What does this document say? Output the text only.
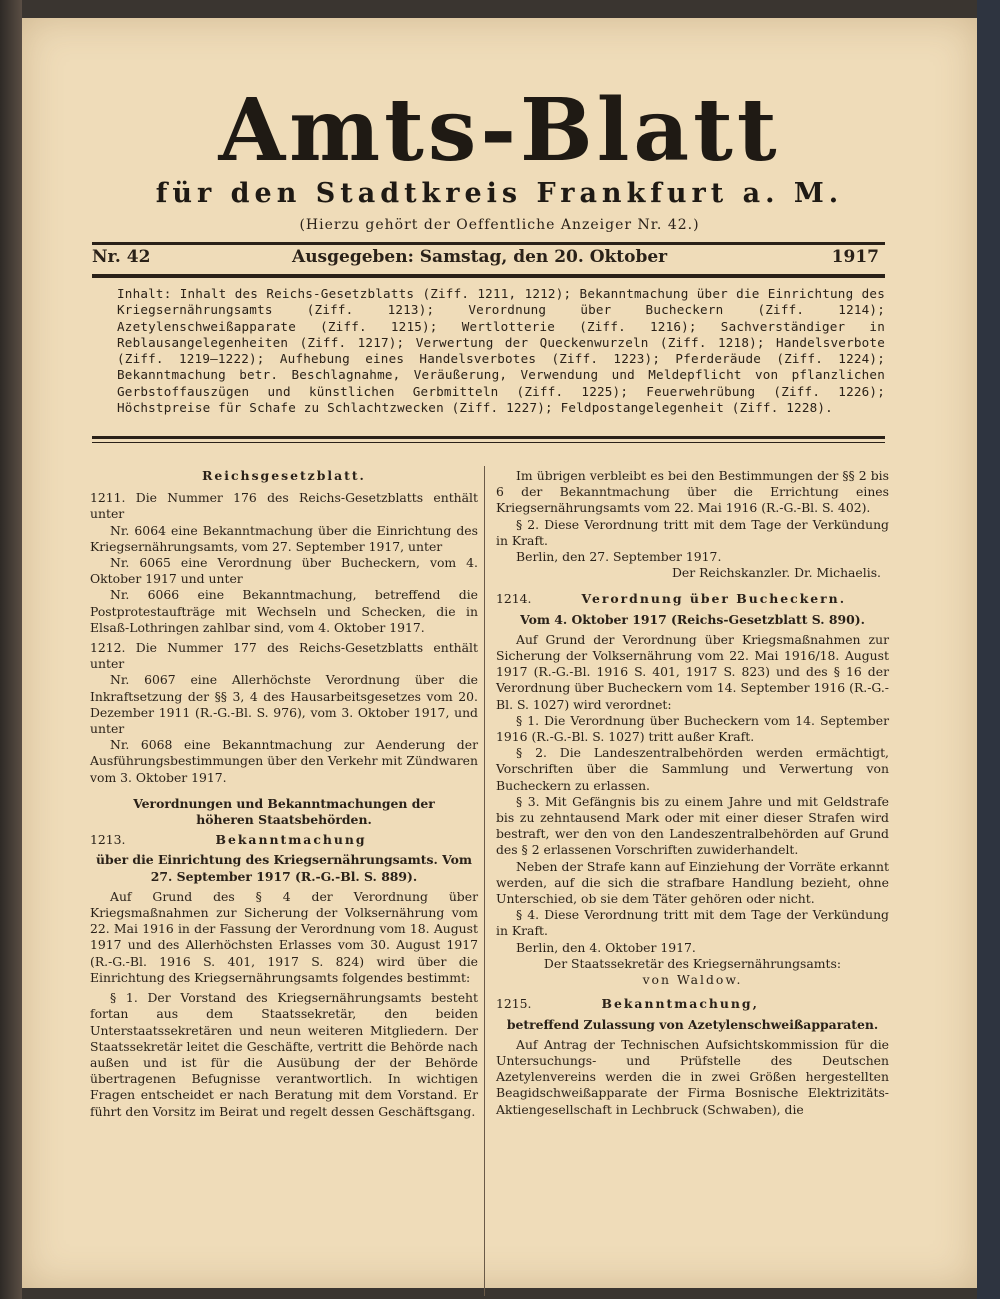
Amts-Blatt
für den Stadtkreis Frankfurt a. M.
(Hierzu gehört der Oeffentliche Anzeiger Nr. 42.)
Nr. 42	Ausgegeben: Samstag, den 20. Oktober	1917
Inhalt: Inhalt des Reichs-Gesetzblatts (Ziff. 1211, 1212); Bekanntmachung über die Einrichtung des Kriegsernährungsamts (Ziff. 1213); Verordnung über Bucheckern (Ziff. 1214); Azetylenschweißapparate (Ziff. 1215); Wertlotterie (Ziff. 1216); Sachverständiger in Reblausangelegenheiten (Ziff. 1217); Verwertung der Queckenwurzeln (Ziff. 1218); Handelsverbote (Ziff. 1219—1222); Aufhebung eines Handelsverbotes (Ziff. 1223); Pferderäude (Ziff. 1224); Bekanntmachung betr. Beschlagnahme, Veräußerung, Verwendung und Meldepflicht von pflanzlichen Gerbstoffauszügen und künstlichen Gerbmitteln (Ziff. 1225); Feuerwehrübung (Ziff. 1226); Höchstpreise für Schafe zu Schlachtzwecken (Ziff. 1227); Feldpostangelegenheit (Ziff. 1228).

Reichsgesetzblatt.

1211. Die Nummer 176 des Reichs-Gesetzblatts enthält unter

Nr. 6064 eine Bekanntmachung über die Einrichtung des Kriegsernährungsamts, vom 27. September 1917, unter

Nr. 6065 eine Verordnung über Bucheckern, vom 4. Oktober 1917 und unter

Nr. 6066 eine Bekanntmachung, betreffend die Postprotestaufträge mit Wechseln und Schecken, die in Elsaß-Lothringen zahlbar sind, vom 4. Oktober 1917.

1212. Die Nummer 177 des Reichs-Gesetzblatts enthält unter

Nr. 6067 eine Allerhöchste Verordnung über die Inkraftsetzung der §§ 3, 4 des Hausarbeitsgesetzes vom 20. Dezember 1911 (R.-G.-Bl. S. 976), vom 3. Oktober 1917, und unter

Nr. 6068 eine Bekanntmachung zur Aenderung der Ausführungsbestimmungen über den Verkehr mit Zündwaren vom 3. Oktober 1917.

Verordnungen und Bekanntmachungen der höheren Staatsbehörden.

1213.	Bekanntmachung

über die Einrichtung des Kriegsernährungsamts. Vom 27. September 1917 (R.-G.-Bl. S. 889).

Auf Grund des § 4 der Verordnung über Kriegsmaßnahmen zur Sicherung der Volksernährung vom 22. Mai 1916 in der Fassung der Verordnung vom 18. August 1917 und des Allerhöchsten Erlasses vom 30. August 1917 (R.-G.-Bl. 1916 S. 401, 1917 S. 824) wird über die Einrichtung des Kriegsernährungsamts folgendes bestimmt:

§ 1. Der Vorstand des Kriegsernährungsamts besteht fortan aus dem Staatssekretär, den beiden Unterstaatssekretären und neun weiteren Mitgliedern. Der Staatssekretär leitet die Geschäfte, vertritt die Behörde nach außen und ist für die Ausübung der der Behörde übertragenen Befugnisse verantwortlich. In wichtigen Fragen entscheidet er nach Beratung mit dem Vorstand. Er führt den Vorsitz im Beirat und regelt dessen Geschäftsgang.

Im übrigen verbleibt es bei den Bestimmungen der §§ 2 bis 6 der Bekanntmachung über die Errichtung eines Kriegsernährungsamts vom 22. Mai 1916 (R.-G.-Bl. S. 402).

§ 2. Diese Verordnung tritt mit dem Tage der Verkündung in Kraft.

Berlin, den 27. September 1917.

Der Reichskanzler. Dr. Michaelis.

1214.	Verordnung über Bucheckern.

Vom 4. Oktober 1917 (Reichs-Gesetzblatt S. 890).

Auf Grund der Verordnung über Kriegsmaßnahmen zur Sicherung der Volksernährung vom 22. Mai 1916/18. August 1917 (R.-G.-Bl. 1916 S. 401, 1917 S. 823) und des § 16 der Verordnung über Bucheckern vom 14. September 1916 (R.-G.-Bl. S. 1027) wird verordnet:

§ 1. Die Verordnung über Bucheckern vom 14. September 1916 (R.-G.-Bl. S. 1027) tritt außer Kraft.

§ 2. Die Landeszentralbehörden werden ermächtigt, Vorschriften über die Sammlung und Verwertung von Bucheckern zu erlassen.

§ 3. Mit Gefängnis bis zu einem Jahre und mit Geldstrafe bis zu zehntausend Mark oder mit einer dieser Strafen wird bestraft, wer den von den Landeszentralbehörden auf Grund des § 2 erlassenen Vorschriften zuwiderhandelt.

Neben der Strafe kann auf Einziehung der Vorräte erkannt werden, auf die sich die strafbare Handlung bezieht, ohne Unterschied, ob sie dem Täter gehören oder nicht.

§ 4. Diese Verordnung tritt mit dem Tage der Verkündung in Kraft.

Berlin, den 4. Oktober 1917.

Der Staatssekretär des Kriegsernährungsamts:

von Waldow.

1215.	Bekanntmachung,

betreffend Zulassung von Azetylenschweißapparaten.

Auf Antrag der Technischen Aufsichtskommission für die Untersuchungs- und Prüfstelle des Deutschen Azetylenvereins werden die in zwei Größen hergestellten Beagidschweißapparate der Firma Bosnische Elektrizitäts-Aktiengesellschaft in Lechbruck (Schwaben), die
